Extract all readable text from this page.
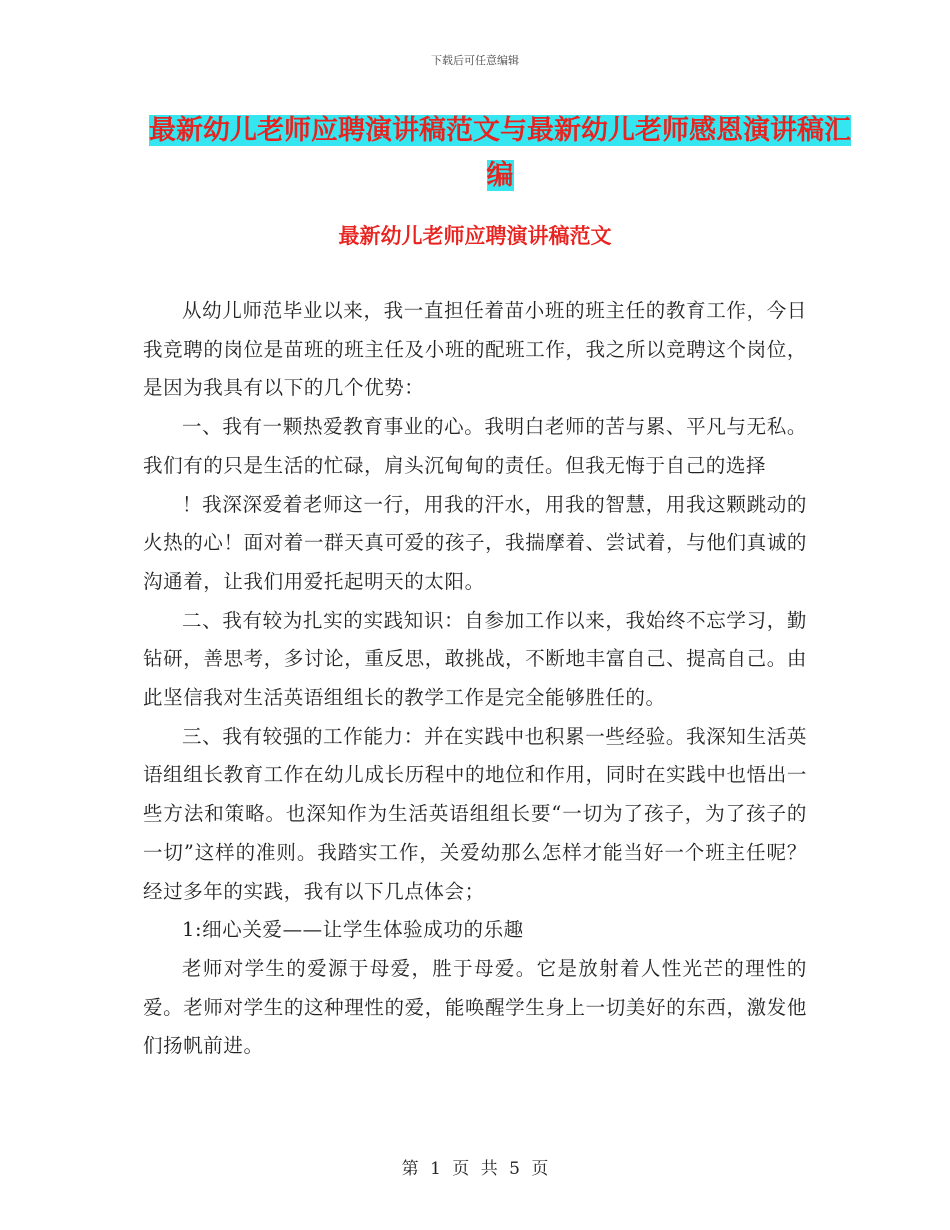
下载后可任意编辑
最新幼儿老师应聘演讲稿范文与最新幼儿老师感恩演讲稿汇编
最新幼儿老师应聘演讲稿范文

从幼儿师范毕业以来，我一直担任着苗小班的班主任的教育工作，今日我竞聘的岗位是苗班的班主任及小班的配班工作，我之所以竞聘这个岗位，是因为我具有以下的几个优势：

一、我有一颗热爱教育事业的心。我明白老师的苦与累、平凡与无私。我们有的只是生活的忙碌，肩头沉甸甸的责任。但我无悔于自己的选择

！我深深爱着老师这一行，用我的汗水，用我的智慧，用我这颗跳动的火热的心！面对着一群天真可爱的孩子，我揣摩着、尝试着，与他们真诚的沟通着，让我们用爱托起明天的太阳。

二、我有较为扎实的实践知识：自参加工作以来，我始终不忘学习，勤钻研，善思考，多讨论，重反思，敢挑战，不断地丰富自己、提高自己。由此坚信我对生活英语组组长的教学工作是完全能够胜任的。

三、我有较强的工作能力：并在实践中也积累一些经验。我深知生活英语组组长教育工作在幼儿成长历程中的地位和作用，同时在实践中也悟出一些方法和策略。也深知作为生活英语组组长要“一切为了孩子，为了孩子的一切”这样的准则。我踏实工作，关爱幼那么怎样才能当好一个班主任呢？经过多年的实践，我有以下几点体会；

1:细心关爱——让学生体验成功的乐趣

老师对学生的爱源于母爱，胜于母爱。它是放射着人性光芒的理性的爱。老师对学生的这种理性的爱，能唤醒学生身上一切美好的东西，激发他们扬帆前进。

第 1 页 共 5 页
